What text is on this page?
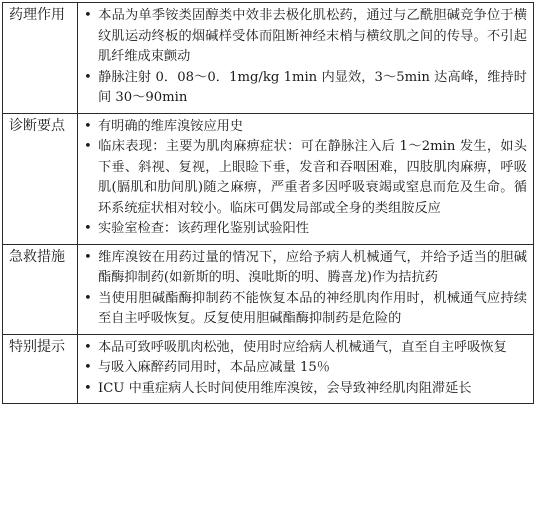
药理作用	• 本品为单季铵类固醇类中效非去极化肌松药，通过与乙酰胆碱竞争位于横纹肌运动终板的烟碱样受体而阻断神经末梢与横纹肌之间的传导。不引起肌纤维成束颤动
• 静脉注射 0．08～0．1mg/kg 1min 内显效，3～5min 达高峰，维持时间 30～90min

诊断要点	• 有明确的维库溴铵应用史
• 临床表现：主要为肌肉麻痹症状：可在静脉注入后 1～2min 发生，如头下垂、斜视、复视，上眼睑下垂，发音和吞咽困难，四肢肌肉麻痹，呼吸肌(膈肌和肋间肌)随之麻痹，严重者多因呼吸衰竭或窒息而危及生命。循环系统症状相对较小。临床可偶发局部或全身的类组胺反应
• 实验室检查：该药理化鉴别试验阳性

急救措施	• 维库溴铵在用药过量的情况下，应给予病人机械通气，并给予适当的胆碱酯酶抑制药(如新斯的明、溴吡斯的明、腾喜龙)作为拮抗药
• 当使用胆碱酯酶抑制药不能恢复本品的神经肌肉作用时，机械通气应持续至自主呼吸恢复。反复使用胆碱酯酶抑制药是危险的

特别提示	• 本品可致呼吸肌肉松弛，使用时应给病人机械通气，直至自主呼吸恢复
• 与吸入麻醉药同用时，本品应减量 15％
• ICU 中重症病人长时间使用维库溴铵，会导致神经肌肉阻滞延长
